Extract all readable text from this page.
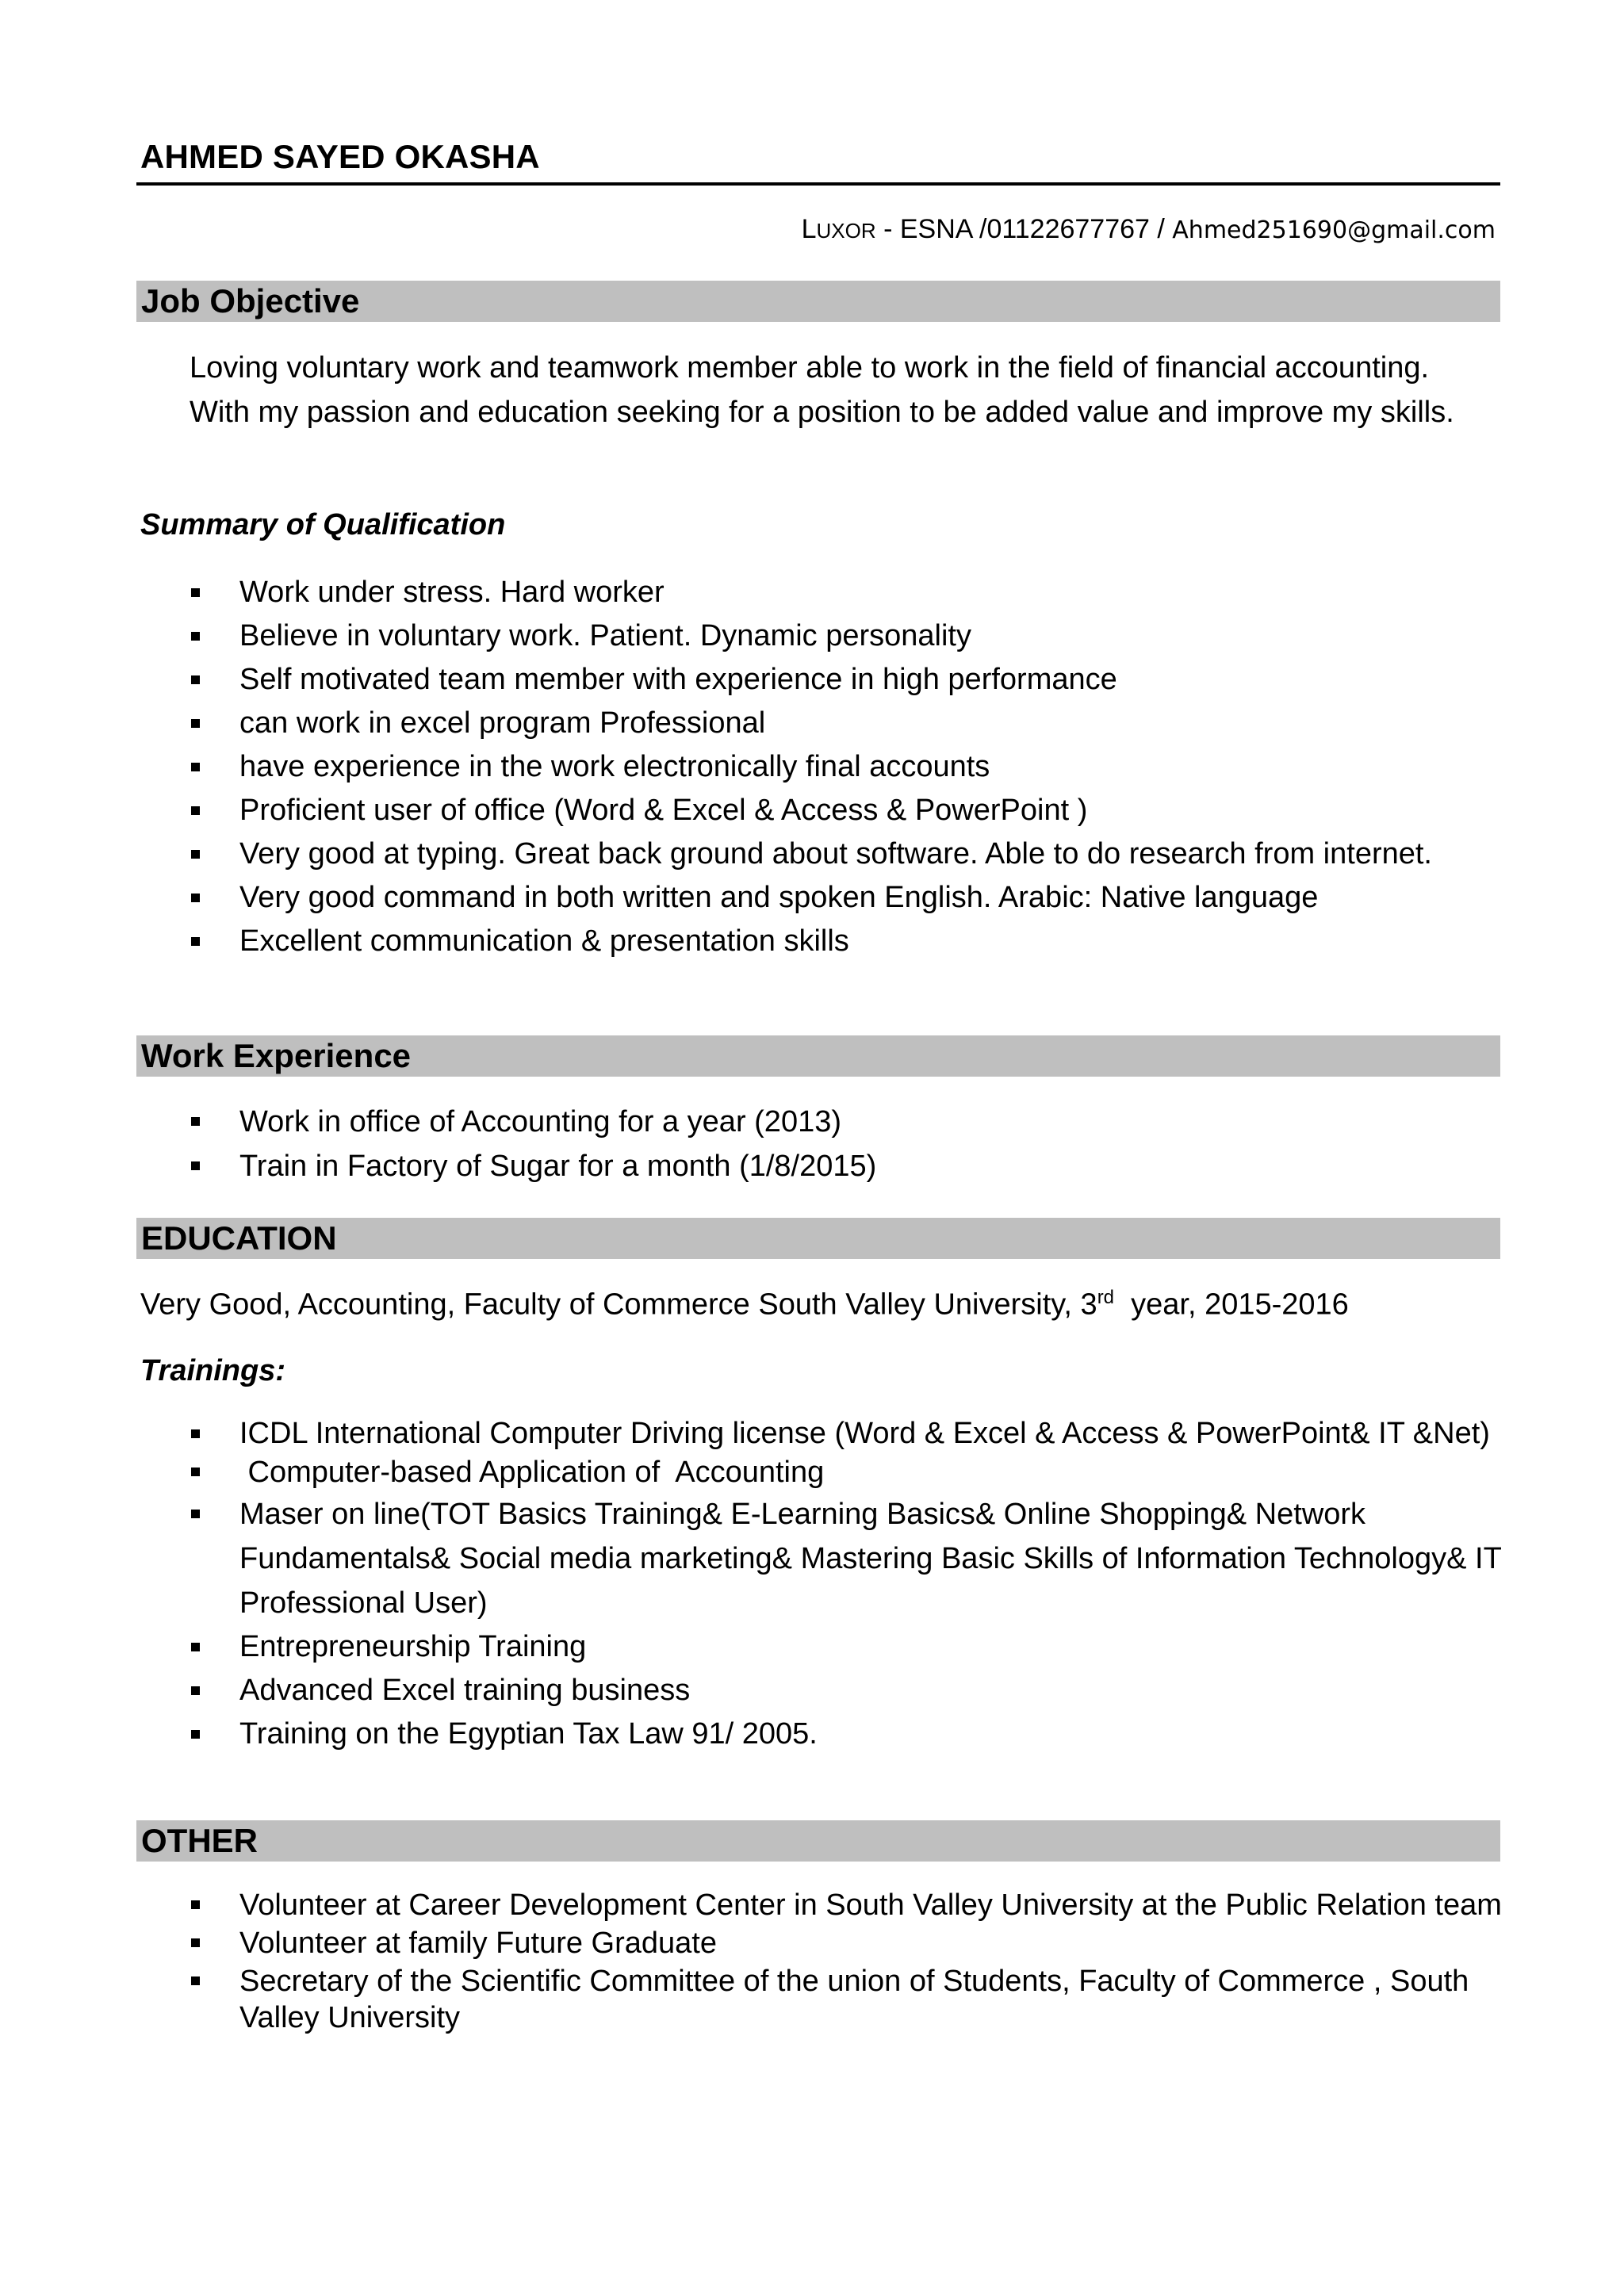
AHMED SAYED OKASHA
LUXOR - ESNA /01122677767 / Ahmed251690@gmail.com
Job Objective
Loving voluntary work and teamwork member able to work in the field of financial accounting. With my passion and education seeking for a position to be added value and improve my skills.
Summary of Qualification
Work under stress. Hard worker
Believe in voluntary work. Patient. Dynamic personality
Self motivated team member with experience in high performance
can work in excel program Professional
have experience in the work electronically final accounts
Proficient user of office (Word & Excel & Access & PowerPoint )
Very good at typing. Great back ground about software. Able to do research from internet.
Very good command in both written and spoken English. Arabic: Native language
Excellent communication & presentation skills
Work Experience
Work in office of Accounting for a year (2013)
Train in Factory of Sugar for a month (1/8/2015)
EDUCATION
Very Good, Accounting, Faculty of Commerce South Valley University, 3rd  year, 2015-2016
Trainings:
ICDL International Computer Driving license (Word & Excel & Access & PowerPoint& IT &Net)
Computer-based Application of  Accounting
Maser on line(TOT Basics Training& E-Learning Basics& Online Shopping& Network Fundamentals& Social media marketing& Mastering Basic Skills of Information Technology& IT Professional User)
Entrepreneurship Training
Advanced Excel training business
Training on the Egyptian Tax Law 91/ 2005.
OTHER
Volunteer at Career Development Center in South Valley University at the Public Relation team
Volunteer at family Future Graduate
Secretary of the Scientific Committee of the union of Students, Faculty of Commerce , South Valley University
